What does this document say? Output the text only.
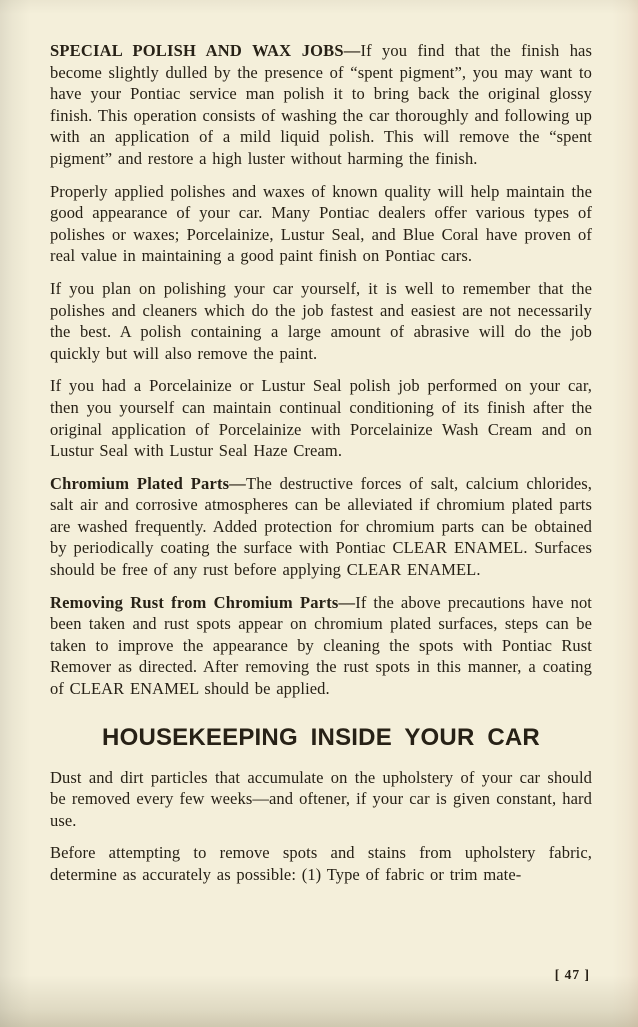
SPECIAL POLISH AND WAX JOBS—If you find that the finish has become slightly dulled by the presence of “spent pigment”, you may want to have your Pontiac service man polish it to bring back the original glossy finish. This operation consists of washing the car thoroughly and following up with an application of a mild liquid polish. This will remove the “spent pigment” and restore a high luster without harming the finish.

Properly applied polishes and waxes of known quality will help maintain the good appearance of your car. Many Pontiac dealers offer various types of polishes or waxes; Porcelainize, Lustur Seal, and Blue Coral have proven of real value in maintaining a good paint finish on Pontiac cars.

If you plan on polishing your car yourself, it is well to remember that the polishes and cleaners which do the job fastest and easiest are not necessarily the best. A polish containing a large amount of abrasive will do the job quickly but will also remove the paint.

If you had a Porcelainize or Lustur Seal polish job performed on your car, then you yourself can maintain continual conditioning of its finish after the original application of Porcelainize with Porcelainize Wash Cream and on Lustur Seal with Lustur Seal Haze Cream.

Chromium Plated Parts—The destructive forces of salt, calcium chlorides, salt air and corrosive atmospheres can be alleviated if chromium plated parts are washed frequently. Added protection for chromium parts can be obtained by periodically coating the surface with Pontiac CLEAR ENAMEL. Surfaces should be free of any rust before applying CLEAR ENAMEL.

Removing Rust from Chromium Parts—If the above precautions have not been taken and rust spots appear on chromium plated surfaces, steps can be taken to improve the appearance by cleaning the spots with Pontiac Rust Remover as directed. After removing the rust spots in this manner, a coating of CLEAR ENAMEL should be applied.

HOUSEKEEPING INSIDE YOUR CAR

Dust and dirt particles that accumulate on the upholstery of your car should be removed every few weeks—and oftener, if your car is given constant, hard use.

Before attempting to remove spots and stains from upholstery fabric, determine as accurately as possible: (1) Type of fabric or trim mate-

[ 47 ]
